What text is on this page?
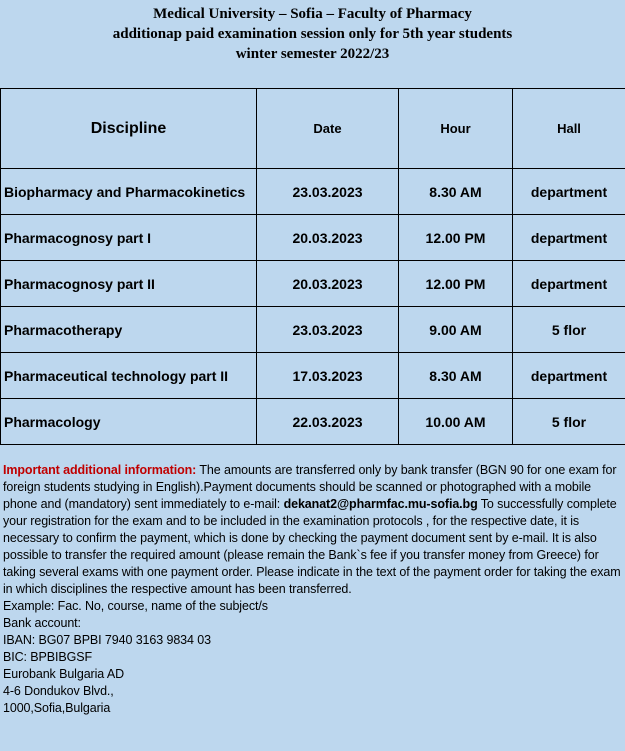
Medical University – Sofia – Faculty of Pharmacy
additionap paid examination session only for 5th year students
winter semester 2022/23
Discipline	Date	Hour	Hall
Biopharmacy and Pharmacokinetics	23.03.2023	8.30 AM	department
Pharmacognosy part I	20.03.2023	12.00 PM	department
Pharmacognosy part II	20.03.2023	12.00 PM	department
Pharmacotherapy	23.03.2023	9.00 AM	5 flor
Pharmaceutical technology part II	17.03.2023	8.30 AM	department
Pharmacology	22.03.2023	10.00 AM	5 flor
Important additional information: The amounts are transferred only by bank transfer (BGN 90 for one exam for foreign students studying in English).Payment documents should be scanned or photographed with a mobile phone and (mandatory) sent immediately to e-mail: dekanat2@pharmfac.mu-sofia.bg To successfully complete your registration for the exam and to be included in the examination protocols , for the respective date, it is necessary to confirm the payment, which is done by checking the payment document sent by e-mail. It is also possible to transfer the required amount (please remain the Bank`s fee if you transfer money from Greece) for taking several exams with one payment order. Please indicate in the text of the payment order for taking the exam in which disciplines the respective amount has been transferred.
Example: Fac. No, course, name of the subject/s
Bank account:
IBAN: BG07 BPBI 7940 3163 9834 03
BIC: BPBIBGSF
Eurobank Bulgaria AD
4-6 Dondukov Blvd.,
1000,Sofia,Bulgaria
